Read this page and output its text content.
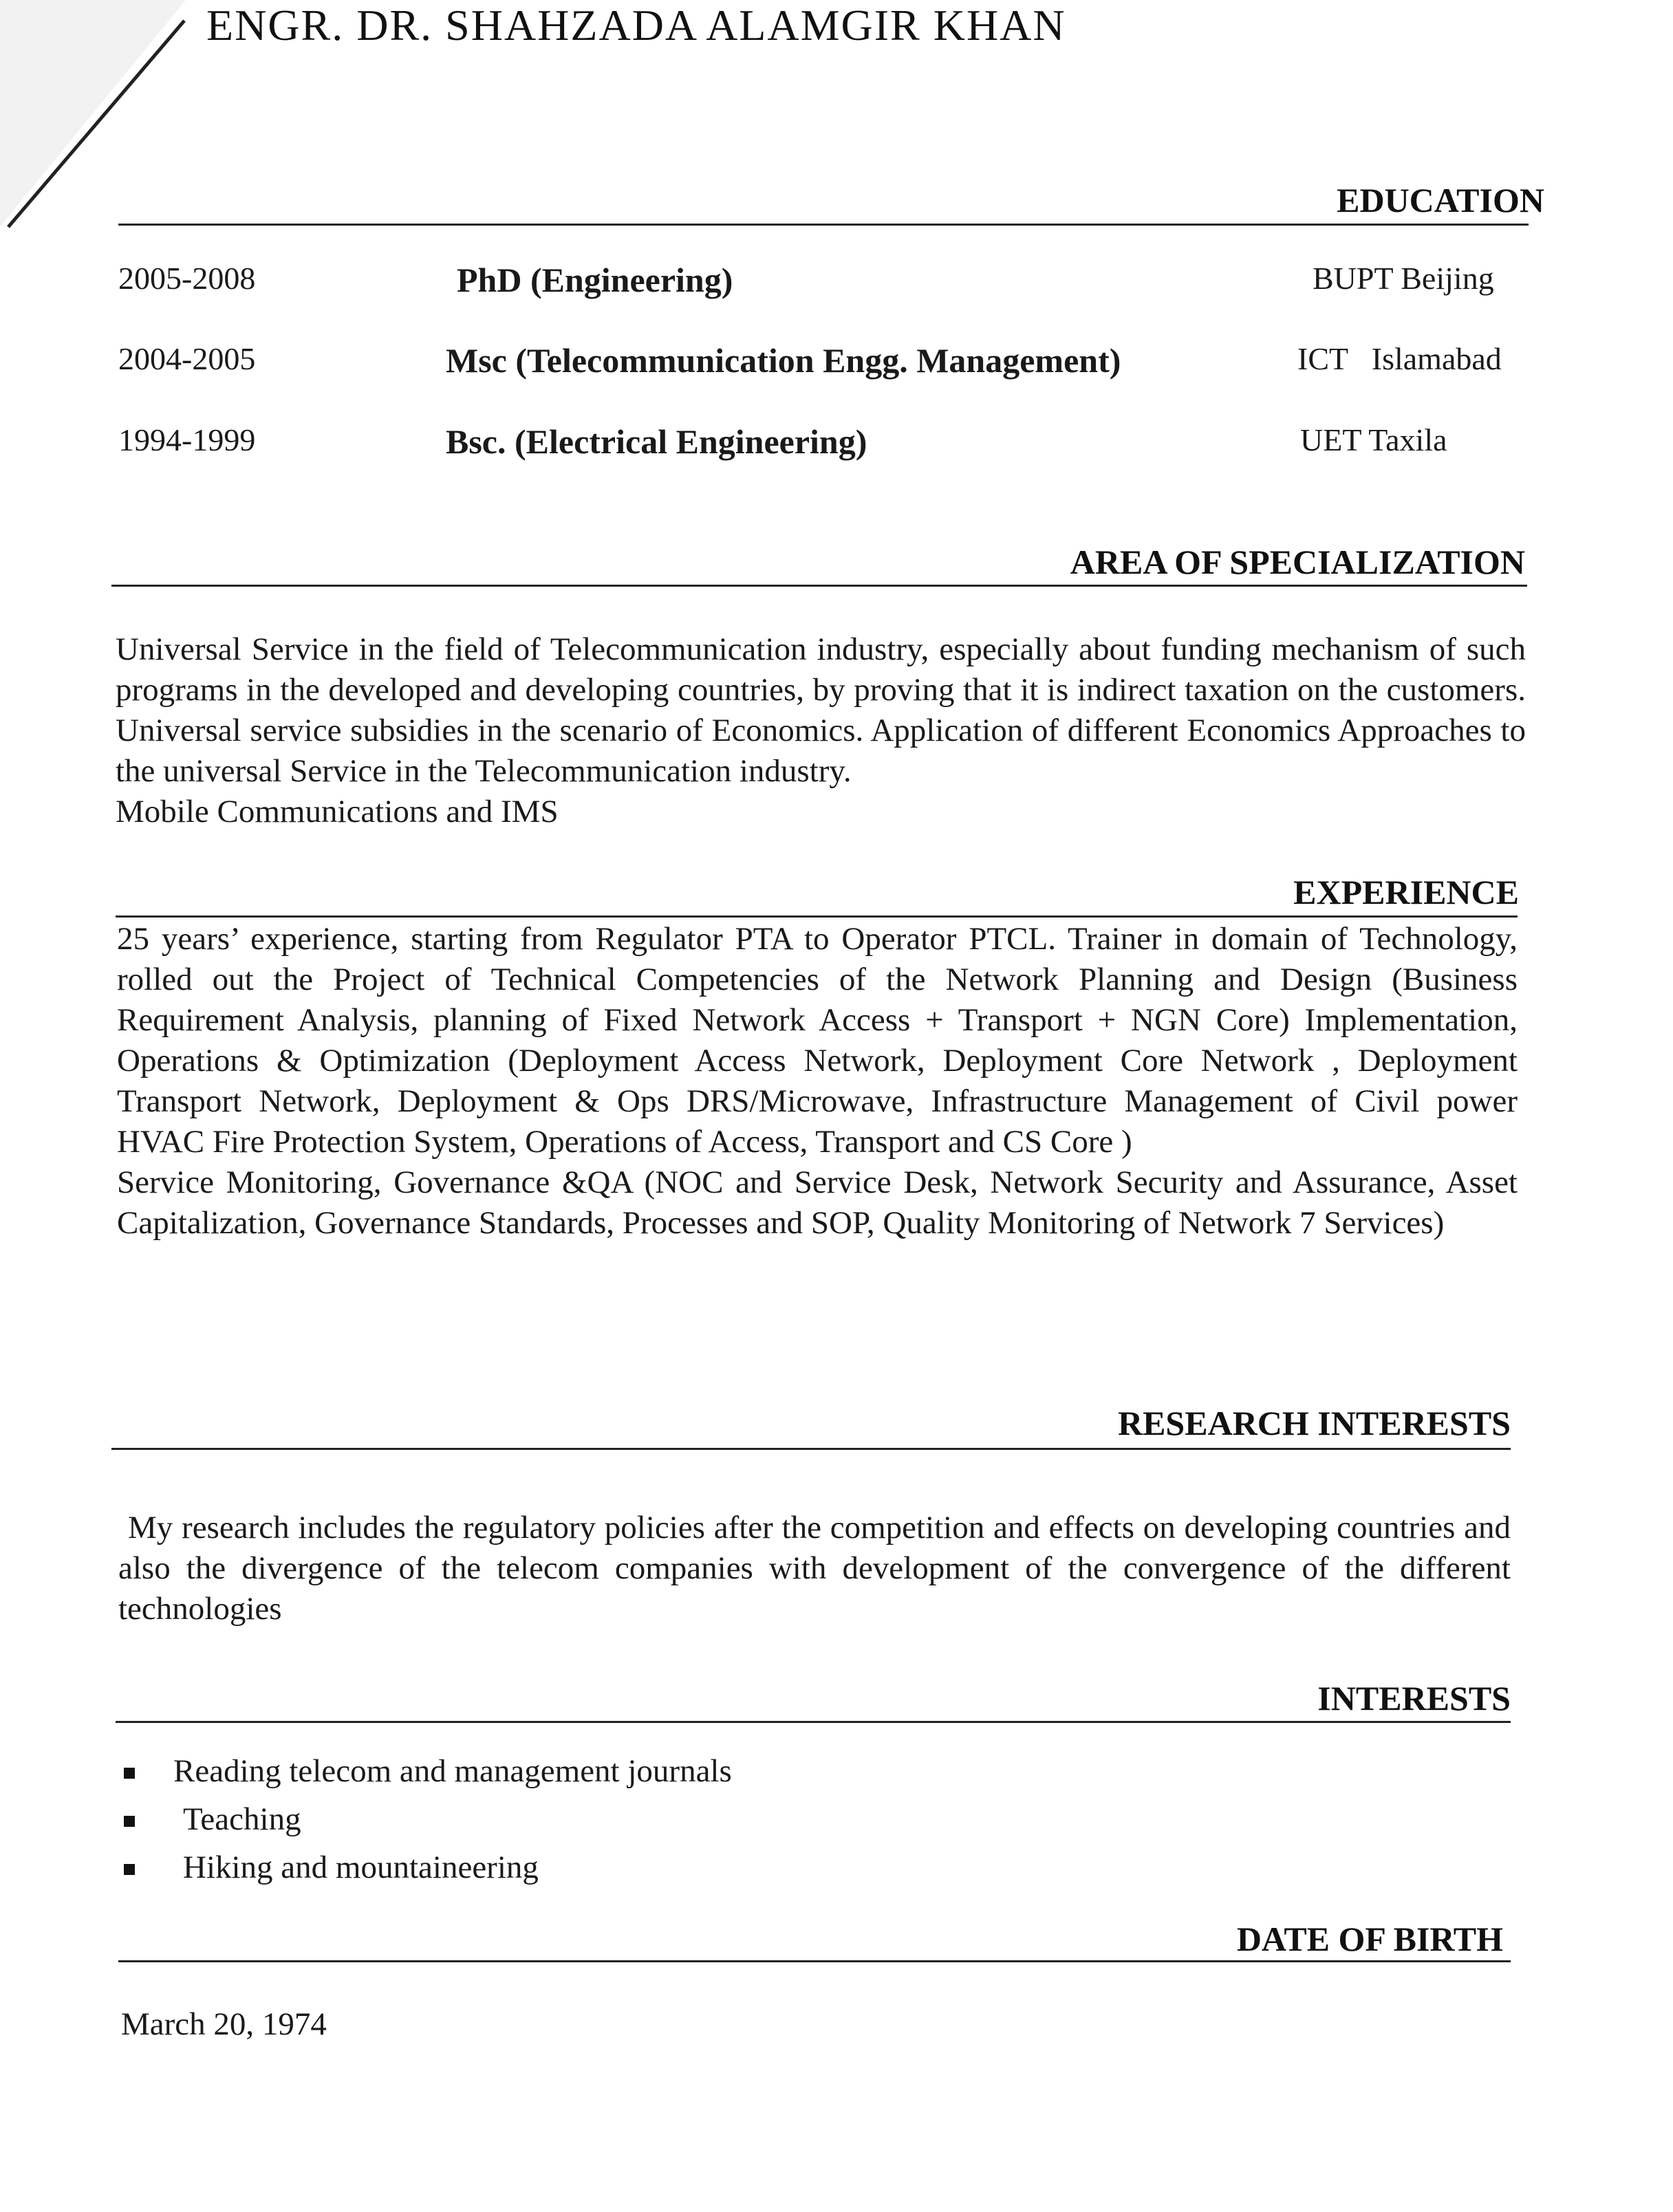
ENGR. DR. SHAHZADA ALAMGIR KHAN
EDUCATION
2005-2008	PhD (Engineering)	BUPT Beijing
2004-2005	Msc (Telecommunication Engg. Management)	ICT   Islamabad
1994-1999	Bsc. (Electrical Engineering)	UET Taxila
AREA OF SPECIALIZATION

Universal Service in the field of Telecommunication industry, especially about funding mechanism of such programs in the developed and developing countries, by proving that it is indirect taxation on the customers. Universal service subsidies in the scenario of Economics. Application of different Economics Approaches to the universal Service in the Telecommunication industry.

Mobile Communications and IMS

EXPERIENCE

25 years’ experience, starting from Regulator PTA to Operator PTCL. Trainer in domain of Technology, rolled out the Project of Technical Competencies of the Network Planning and Design (Business Requirement Analysis, planning of Fixed Network Access + Transport + NGN Core) Implementation, Operations & Optimization (Deployment Access Network, Deployment Core Network , Deployment Transport Network, Deployment & Ops DRS/Microwave, Infrastructure Management of Civil power HVAC Fire Protection System, Operations of Access, Transport and CS Core )

Service Monitoring, Governance &QA (NOC and Service Desk, Network Security and Assurance, Asset Capitalization, Governance Standards, Processes and SOP, Quality Monitoring of Network 7 Services)

RESEARCH INTERESTS
My research includes the regulatory policies after the competition and effects on developing countries and also the divergence of the telecom companies with development of the convergence of the different technologies
INTERESTS
Reading telecom and management journals
Teaching
Hiking and mountaineering
DATE OF BIRTH
March 20, 1974
